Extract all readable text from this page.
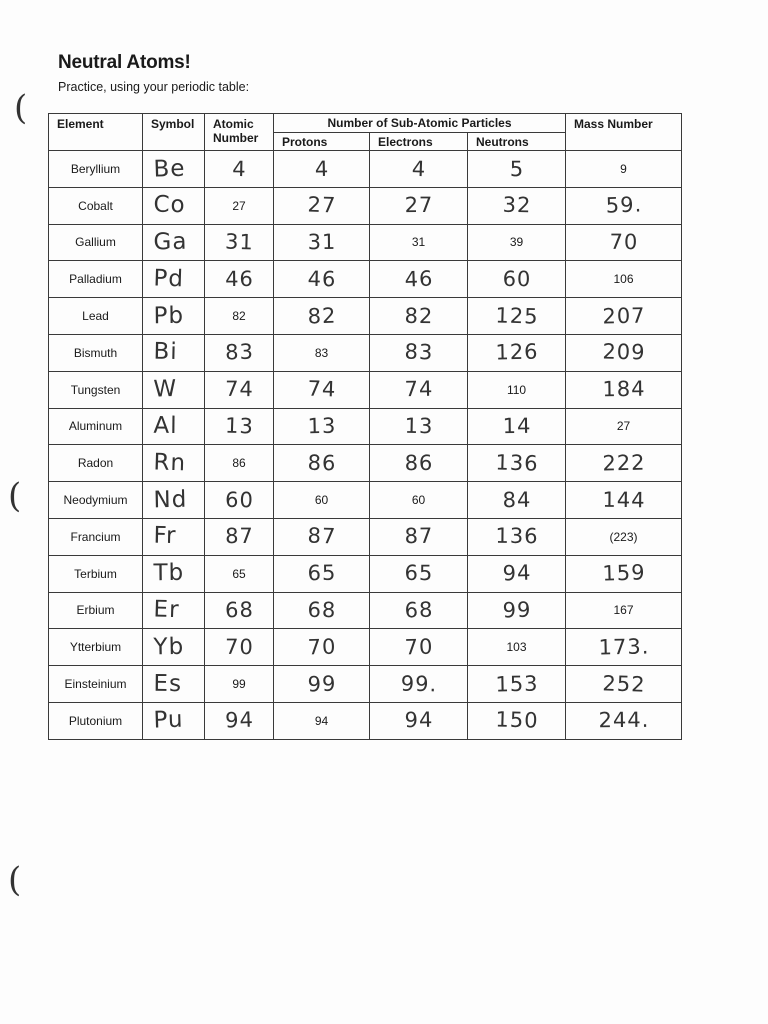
(
(
(
Neutral Atoms!
Practice, using your periodic table:
Element	Symbol	Atomic Number	Number of Sub-Atomic Particles			Mass Number
			Protons	Electrons	Neutrons	
Beryllium	Be	4	4	4	5	9
Cobalt	Co	27	27	27	32	59.
Gallium	Ga	31	31	31	39	70
Palladium	Pd	46	46	46	60	106
Lead	Pb	82	82	82	125	207
Bismuth	Bi	83	83	83	126	209
Tungsten	W	74	74	74	110	184
Aluminum	Al	13	13	13	14	27
Radon	Rn	86	86	86	136	222
Neodymium	Nd	60	60	60	84	144
Francium	Fr	87	87	87	136	(223)
Terbium	Tb	65	65	65	94	159
Erbium	Er	68	68	68	99	167
Ytterbium	Yb	70	70	70	103	173.
Einsteinium	Es	99	99	99.	153	252
Plutonium	Pu	94	94	94	150	244.
